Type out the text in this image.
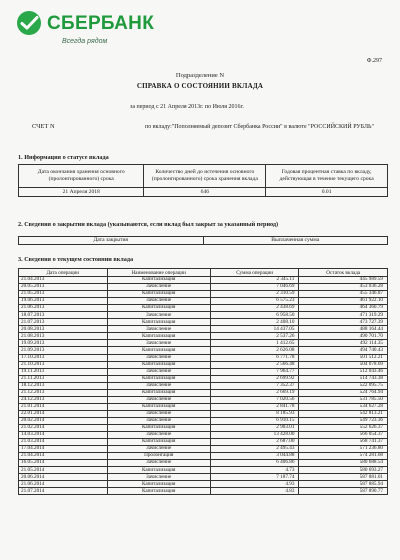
СБЕРБАНК
Всегда рядом
Ф.297
Подразделение N
СПРАВКА О СОСТОЯНИИ ВКЛАДА
за период с 21 Апреля 2013г. по Июля 2016г.
СЧЕТ N	по вкладу:"Пополняемый депозит Сбербанка России" в валюте "РОССИЙСКИЙ РУБЛЬ"
1. Информация о статусе вклада
Дата окончания хранения основного (пролонгированного) срока	Количество дней до истечения основного (пролонгированного) срока хранения вклада	Годовая процентная ставка по вкладу, действующая в течение текущего срока
21 Апреля 2018	646	0.01
2. Сведения о закрытии вклада (указываются, если вклад был закрыт за указанный период)
Дата закрытия	Выплаченная сумма
3. Сведения о текущем состоянии вклада
Дата операции	Наименование операции	Сумма операции	Остаток вклада
21.04.2013	Капитализация	2 345.11	445 989.59
20.05.2013	Зачисление	7 046.69	453 036.28
21.05.2013	Капитализация	2 310.59	455 346.87
19.06.2013	Зачисление	6 575.23	461 922.10
21.06.2013	Капитализация	2 438.69	464 360.79
18.07.2013	Зачисление	6 958.50	471 319.29
21.07.2013	Капитализация	2 408.10	473 727.39
20.08.2013	Зачисление	14 437.05	488 164.44
21.08.2013	Капитализация	2 537.26	490 701.70
19.09.2013	Зачисление	1 412.65	492 114.35
21.09.2013	Капитализация	2 626.08	494 740.43
17.10.2013	Зачисление	6 771.78	501 512.21
21.10.2013	Капитализация	2 566.48	504 078.69
19.11.2013	Зачисление	7 964.77	512 043.46
21.11.2013	Капитализация	2 699.92	514 743.38
18.12.2013	Зачисление	7 352.37	522 095.75
21.12.2013	Капитализация	2 669.19	524 764.94
24.12.2013	Зачисление	7 020.56	531 785.50
21.01.2014	Капитализация	2 841.78	534 627.28
22.01.2014	Зачисление	8 185.93	542 813.21
20.02.2014	Зачисление	6 910.15	549 723.36
21.02.2014	Капитализация	2 903.01	552 626.37
14.03.2014	Зачисление	13 428.00	566 054.37
21.03.2014	Капитализация	2 687.00	568 741.37
17.04.2014	Зачисление	2 495.43	571 236.80
21.04.2014	Пролонгация	3 044.88	574 281.68
16.05.2014	Зачисление	6 406.86	580 688.54
21.05.2014	Капитализация	4.73	580 693.27
20.06.2014	Зачисление	7 187.74	587 881.01
21.06.2014	Капитализация	4.93	587 885.94
21.07.2014	Капитализация	4.83	587 890.77
